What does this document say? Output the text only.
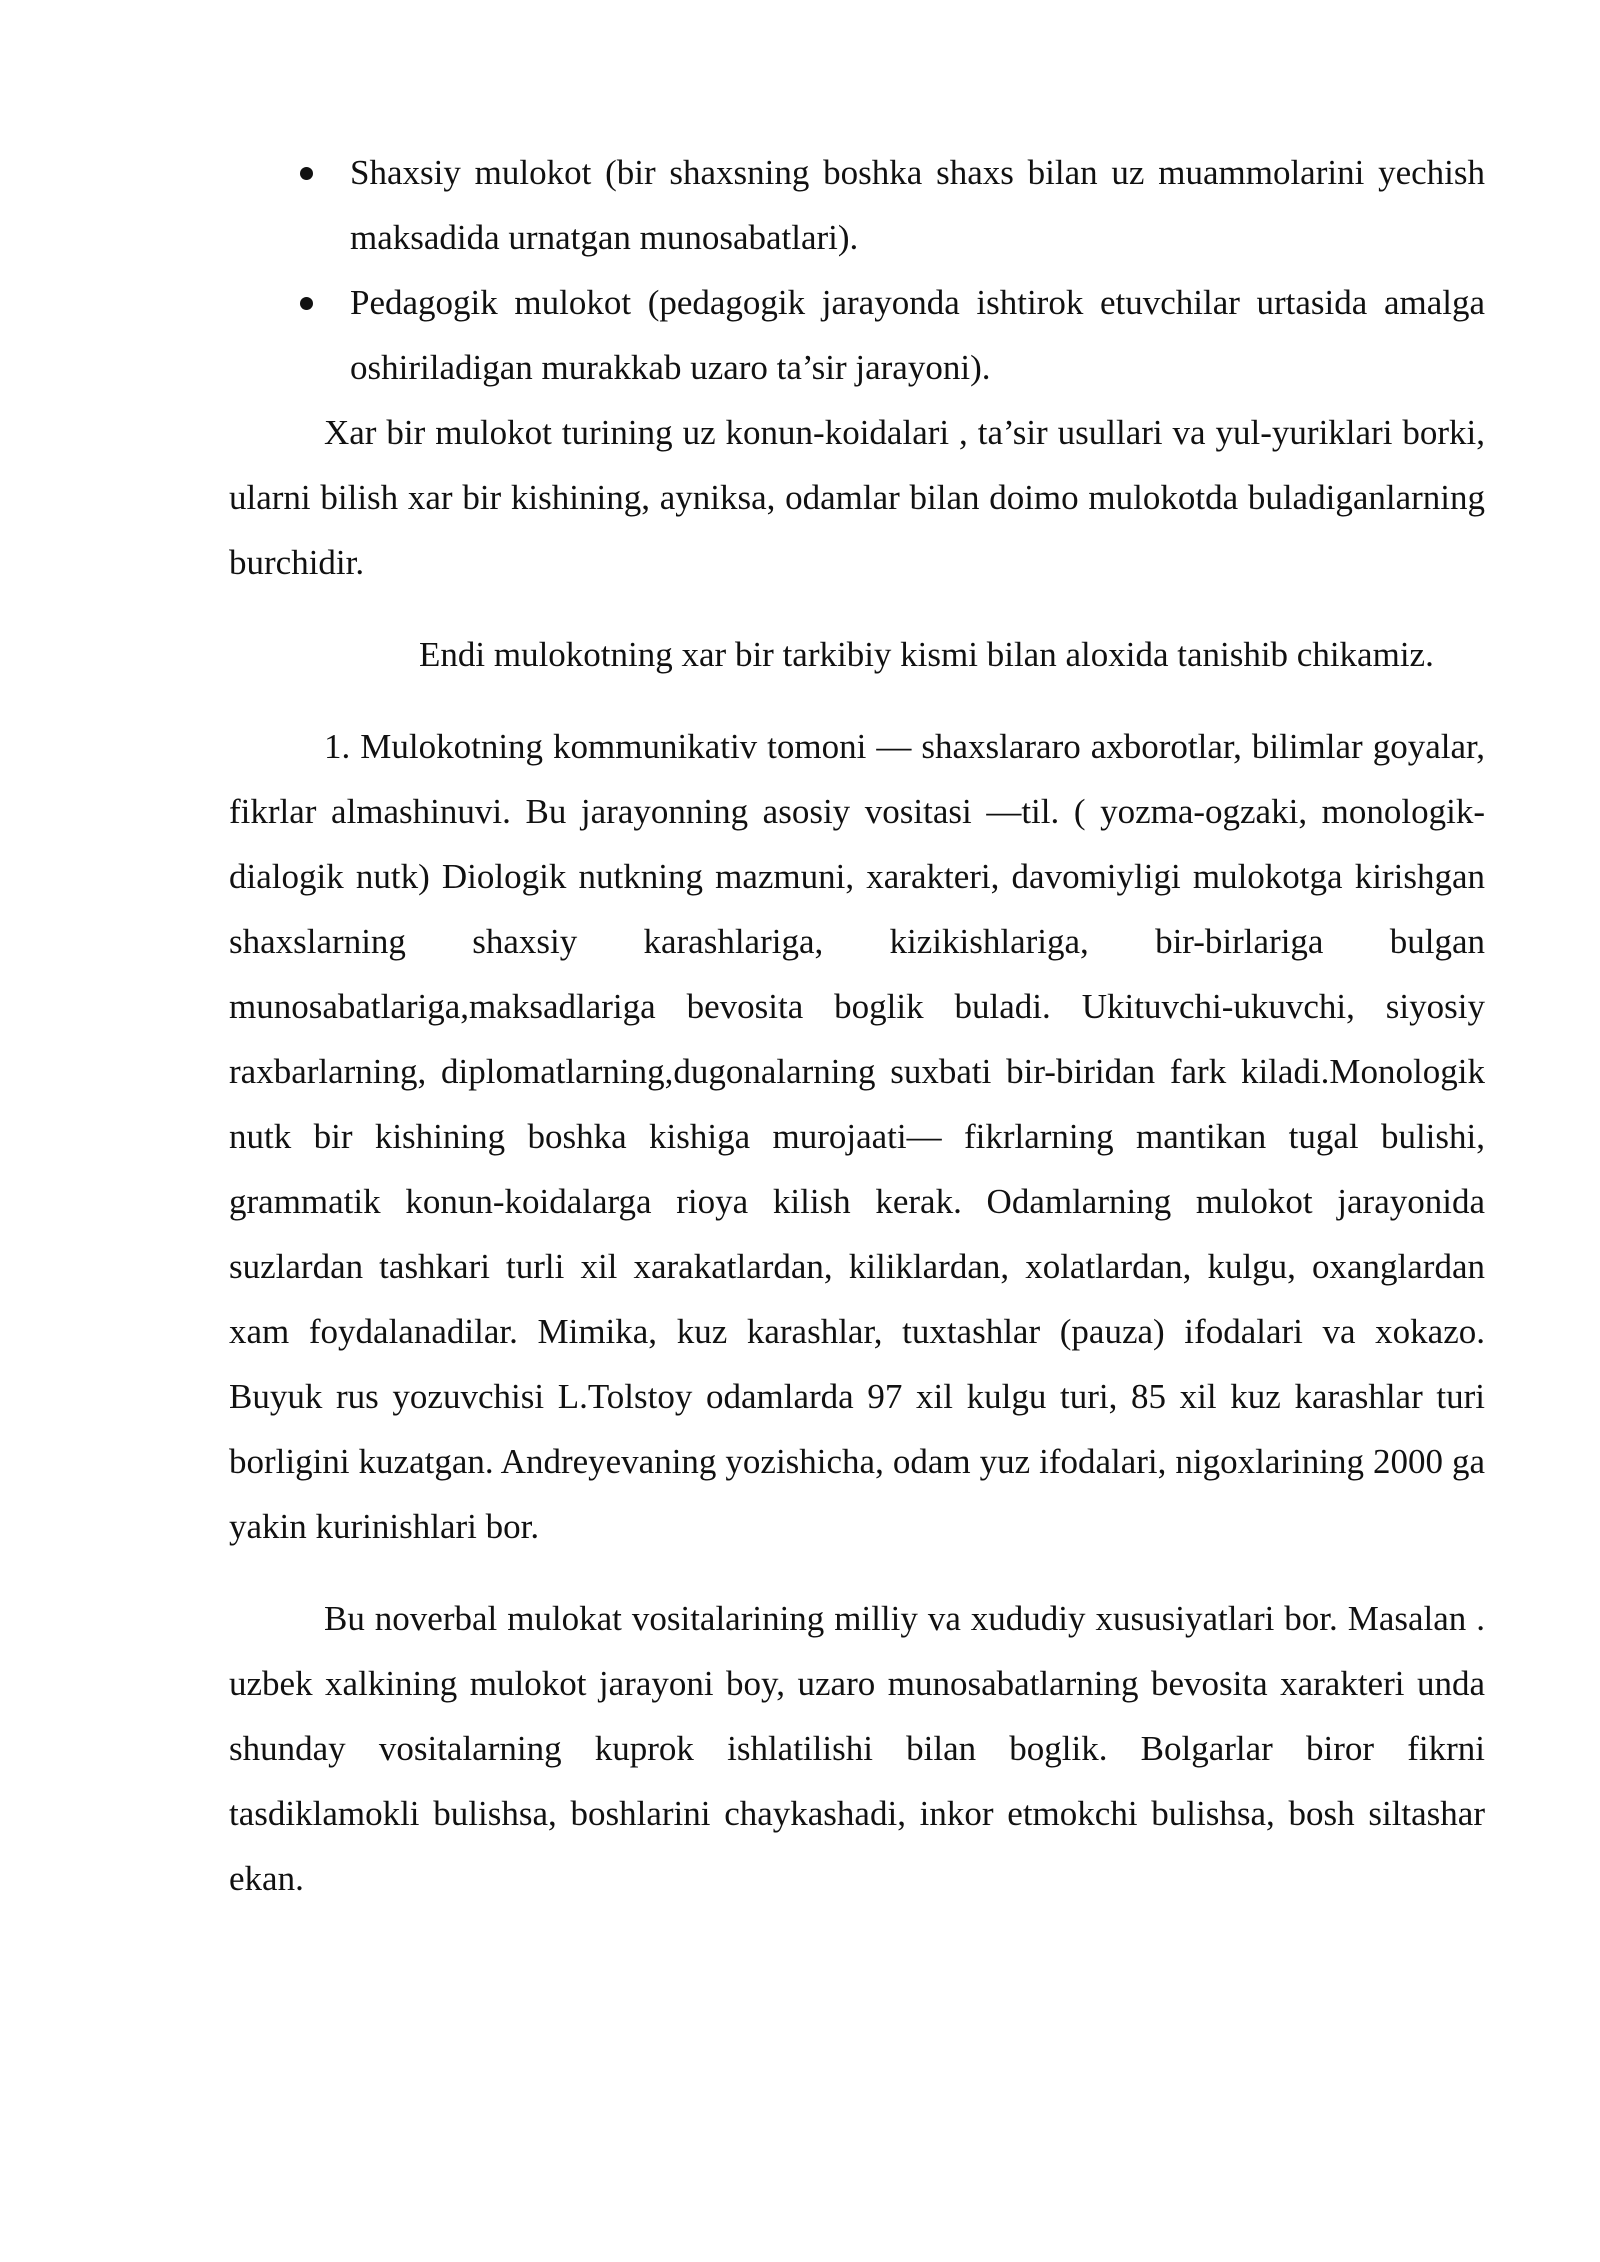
Shaxsiy mulokot (bir shaxsning boshka shaxs bilan uz muammolarini yechish maksadida urnatgan munosabatlari).
Pedagogik mulokot (pedagogik jarayonda ishtirok etuvchilar urtasida amalga oshiriladigan murakkab uzaro ta’sir jarayoni).

Xar bir mulokot turining uz konun-koidalari , ta’sir usullari va yul-yuriklari borki, ularni bilish xar bir kishining, ayniksa, odamlar bilan doimo mulokotda buladiganlarning burchidir.

Endi mulokotning xar bir tarkibiy kismi bilan aloxida tanishib chikamiz.

1. Mulokotning kommunikativ tomoni — shaxslararo axborotlar, bilimlar goyalar, fikrlar almashinuvi. Bu jarayonning asosiy vositasi —til. ( yozma-ogzaki, monologik-dialogik nutk) Diologik nutkning mazmuni, xarakteri, davomiyligi mulokotga kirishgan shaxslarning shaxsiy karashlariga, kizikishlariga, bir-birlariga bulgan munosabatlariga,maksadlariga bevosita boglik buladi. Ukituvchi-ukuvchi, siyosiy raxbarlarning, diplomatlarning,dugonalarning suxbati bir-biridan fark kiladi.Monologik nutk bir kishining boshka kishiga murojaati— fikrlarning mantikan tugal bulishi, grammatik konun-koidalarga rioya kilish kerak. Odamlarning mulokot jarayonida suzlardan tashkari turli xil xarakatlardan, kiliklardan, xolatlardan, kulgu, oxanglardan xam foydalanadilar. Mimika, kuz karashlar, tuxtashlar (pauza) ifodalari va xokazo. Buyuk rus yozuvchisi L.Tolstoy odamlarda 97 xil kulgu turi, 85 xil kuz karashlar turi borligini kuzatgan. Andreyevaning yozishicha, odam yuz ifodalari, nigoxlarining 2000 ga yakin kurinishlari bor.

Bu noverbal mulokat vositalarining milliy va xududiy xususiyatlari bor. Masalan . uzbek xalkining mulokot jarayoni boy, uzaro munosabatlarning bevosita xarakteri unda shunday vositalarning kuprok ishlatilishi bilan boglik. Bolgarlar biror fikrni tasdiklamokli bulishsa, boshlarini chaykashadi, inkor etmokchi bulishsa, bosh siltashar ekan.
